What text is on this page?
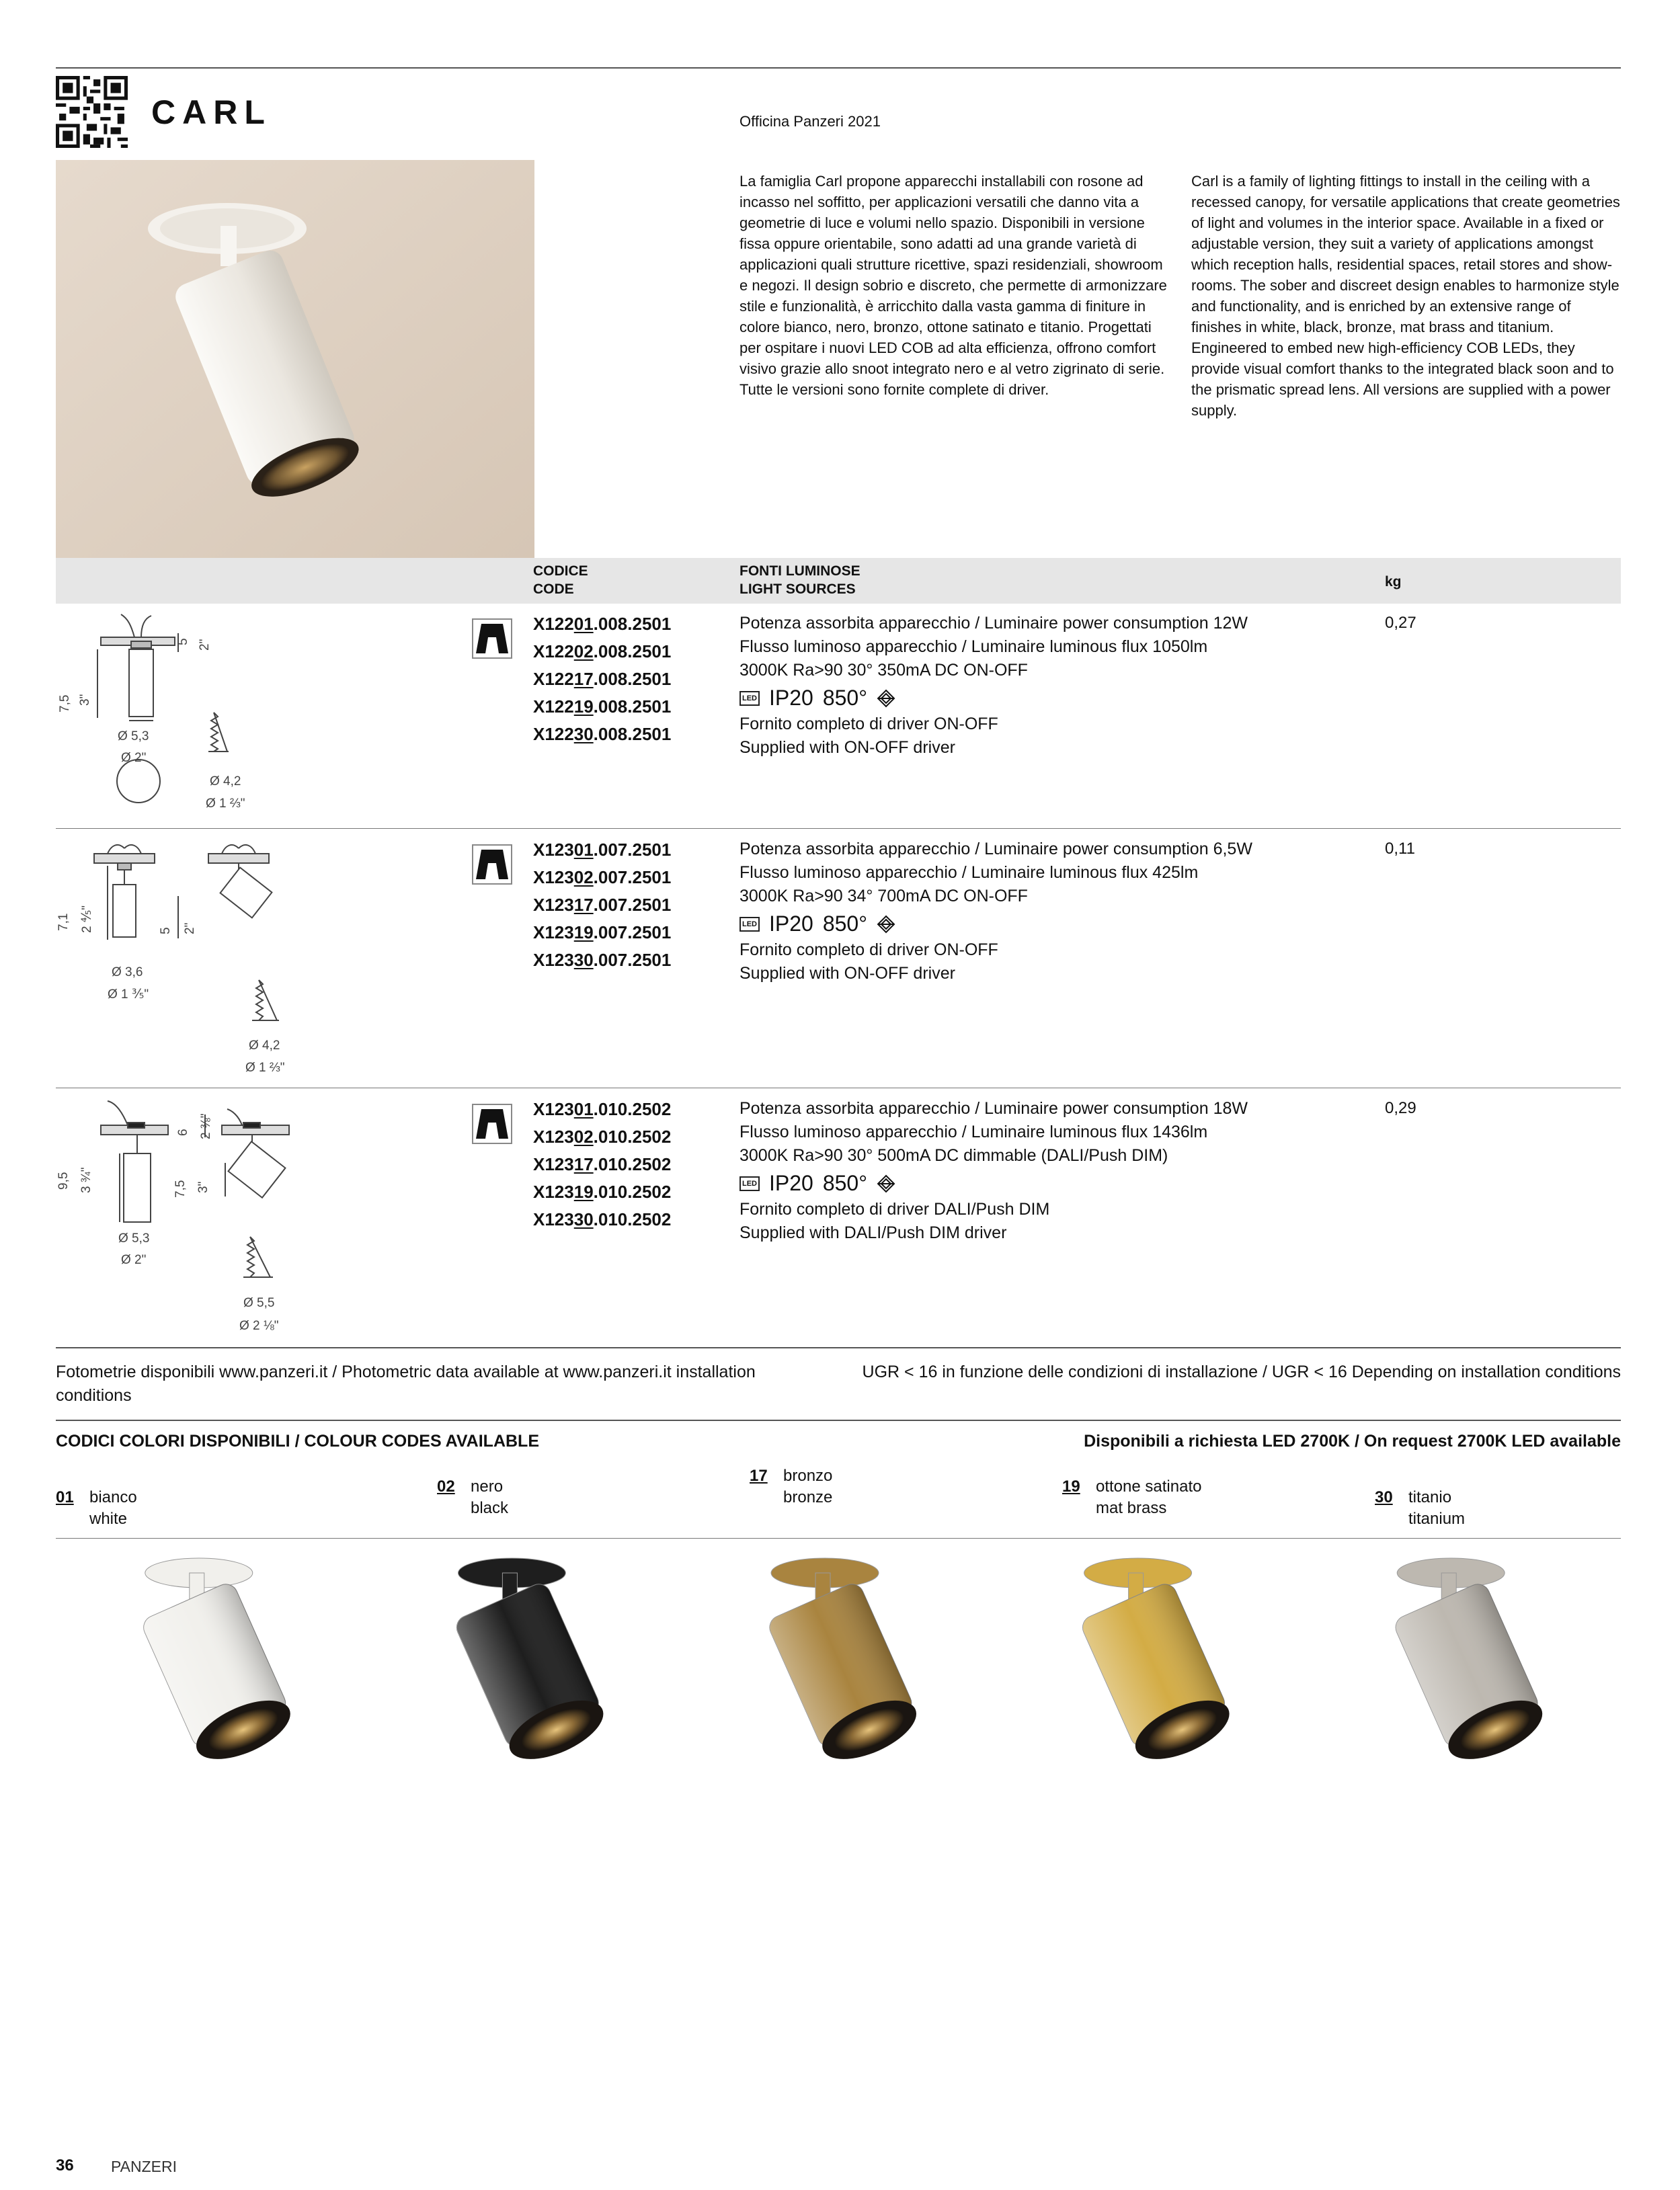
CARL	Officina Panzeri 2021
La famiglia Carl propone apparecchi installabili con rosone ad incasso nel soffitto, per applicazioni versatili che danno vita a geometrie di luce e volumi nello spazio. Disponibili in versione fissa oppure orientabile, sono adatti ad una grande varietà di applicazioni quali strutture ricettive, spazi residenziali, showroom e negozi. Il design sobrio e discreto, che permette di armonizzare stile e funzionalità, è arricchito dalla vasta gamma di finiture in colore bianco, nero, bronzo, ottone satinato e titanio. Progettati per ospitare i nuovi LED COB ad alta efficienza, offrono comfort visivo grazie allo snoot integrato nero e al vetro zigrinato di serie. Tutte le versioni sono fornite complete di driver.
Carl is a family of lighting fittings to install in the ceiling with a recessed canopy, for versatile applications that create geometries of light and volumes in the interior space. Available in a fixed or adjustable version, they suit a variety of applications amongst which reception halls, residential spaces, retail stores and show-rooms. The sober and discreet design enables to harmonize style and functionality, and is enriched by an extensive range of finishes in white, black, bronze, mat brass and titanium. Engineered to embed new high-efficiency COB LEDs, they provide visual comfort thanks to the integrated black soon and to the prismatic spread lens. All versions are supplied with a power supply.
CODICE
CODE
FONTI LUMINOSE
LIGHT SOURCES	kg
7,5 3"
5 2"
Ø 5,3
Ø 2"
Ø 4,2
Ø 1 ⅔"
X12201.008.2501
X12202.008.2501
X12217.008.2501
X12219.008.2501
X12230.008.2501
Potenza assorbita apparecchio / Luminaire power consumption 12W
Flusso luminoso apparecchio / Luminaire luminous flux 1050lm
3000K Ra>90 30° 350mA DC ON-OFF
LED IP20 850°
Fornito completo di driver ON-OFF
Supplied with ON-OFF driver
0,27
7,1 2 ⅘"	5 2"
Ø 3,6
Ø 1 ⅗"
Ø 4,2
Ø 1 ⅔"
X12301.007.2501
X12302.007.2501
X12317.007.2501
X12319.007.2501
X12330.007.2501
Potenza assorbita apparecchio / Luminaire power consumption 6,5W
Flusso luminoso apparecchio / Luminaire luminous flux 425lm
3000K Ra>90 34° 700mA DC ON-OFF
LED IP20 850°
Fornito completo di driver ON-OFF
Supplied with ON-OFF driver
0,11
9,5 3 ¾"
6 2 ⅜"
7,5 3"
Ø 5,3
Ø 2"
Ø 5,5
Ø 2 ⅛"
X12301.010.2502
X12302.010.2502
X12317.010.2502
X12319.010.2502
X12330.010.2502
Potenza assorbita apparecchio / Luminaire power consumption 18W
Flusso luminoso apparecchio / Luminaire luminous flux 1436lm
3000K Ra>90 30° 500mA DC dimmable (DALI/Push DIM)
LED IP20 850°
Fornito completo di driver DALI/Push DIM
Supplied with DALI/Push DIM driver
0,29
Fotometrie disponibili www.panzeri.it / Photometric data available at www.panzeri.it installation conditions
UGR < 16 in funzione delle condizioni di installazione / UGR < 16 Depending on installation conditions
CODICI COLORI DISPONIBILI / COLOUR CODES AVAILABLE	Disponibili a richiesta LED 2700K / On request 2700K LED available
01 bianco
white
02 nero
black
17 bronzo
bronze
19 ottone satinato
mat brass
30 titanio
titanium
36 PANZERI
